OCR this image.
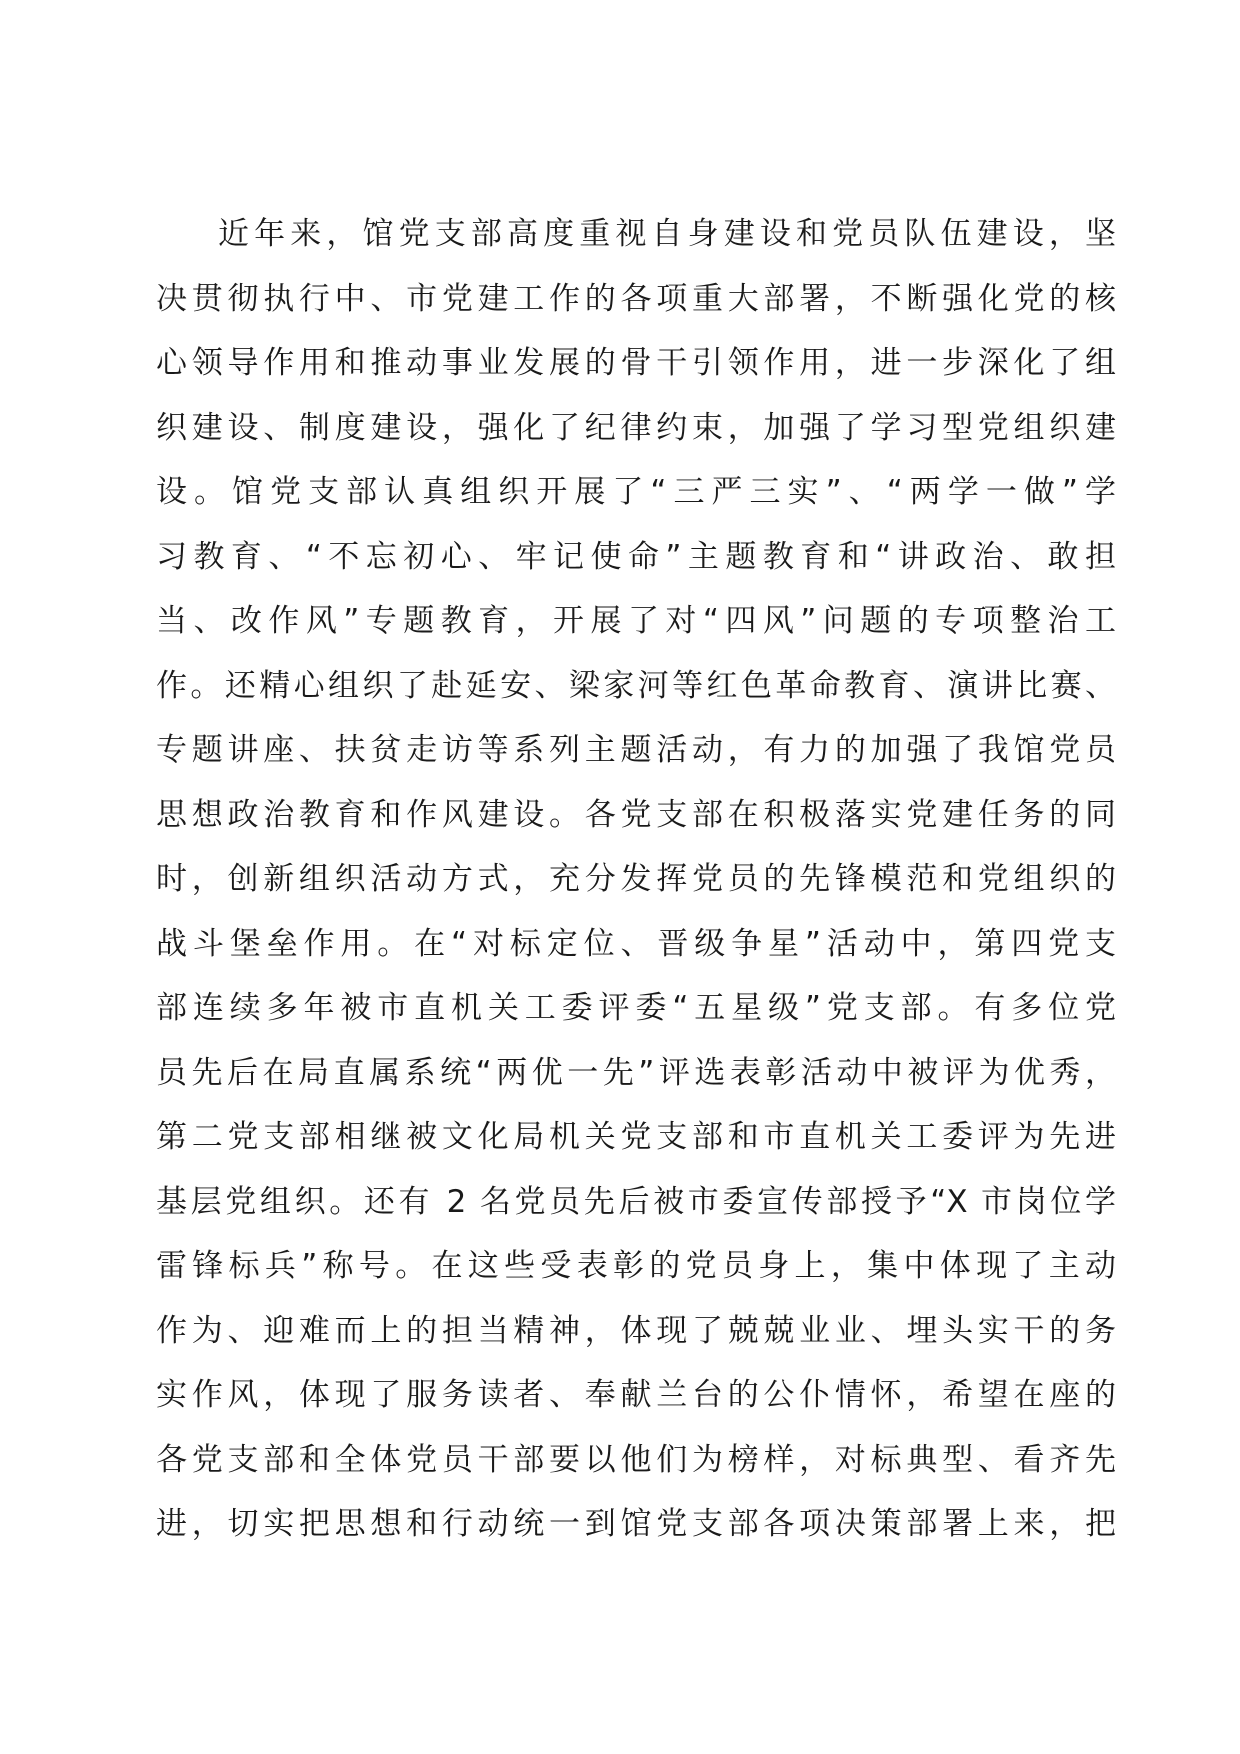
近年来，馆党支部高度重视自身建设和党员队伍建设，坚
决贯彻执行中、市党建工作的各项重大部署，不断强化党的核
心领导作用和推动事业发展的骨干引领作用，进一步深化了组
织建设、制度建设，强化了纪律约束，加强了学习型党组织建
设。馆党支部认真组织开展了“三严三实”、“两学一做”学
习教育、“不忘初心、牢记使命”主题教育和“讲政治、敢担
当、改作风”专题教育，开展了对“四风”问题的专项整治工
作。还精心组织了赴延安、梁家河等红色革命教育、演讲比赛、
专题讲座、扶贫走访等系列主题活动，有力的加强了我馆党员
思想政治教育和作风建设。各党支部在积极落实党建任务的同
时，创新组织活动方式，充分发挥党员的先锋模范和党组织的
战斗堡垒作用。在“对标定位、晋级争星”活动中，第四党支
部连续多年被市直机关工委评委“五星级”党支部。有多位党
员先后在局直属系统“两优一先”评选表彰活动中被评为优秀，
第二党支部相继被文化局机关党支部和市直机关工委评为先进
基层党组织。还有 2 名党员先后被市委宣传部授予“X 市岗位学
雷锋标兵”称号。在这些受表彰的党员身上，集中体现了主动
作为、迎难而上的担当精神，体现了兢兢业业、埋头实干的务
实作风，体现了服务读者、奉献兰台的公仆情怀，希望在座的
各党支部和全体党员干部要以他们为榜样，对标典型、看齐先
进，切实把思想和行动统一到馆党支部各项决策部署上来，把
